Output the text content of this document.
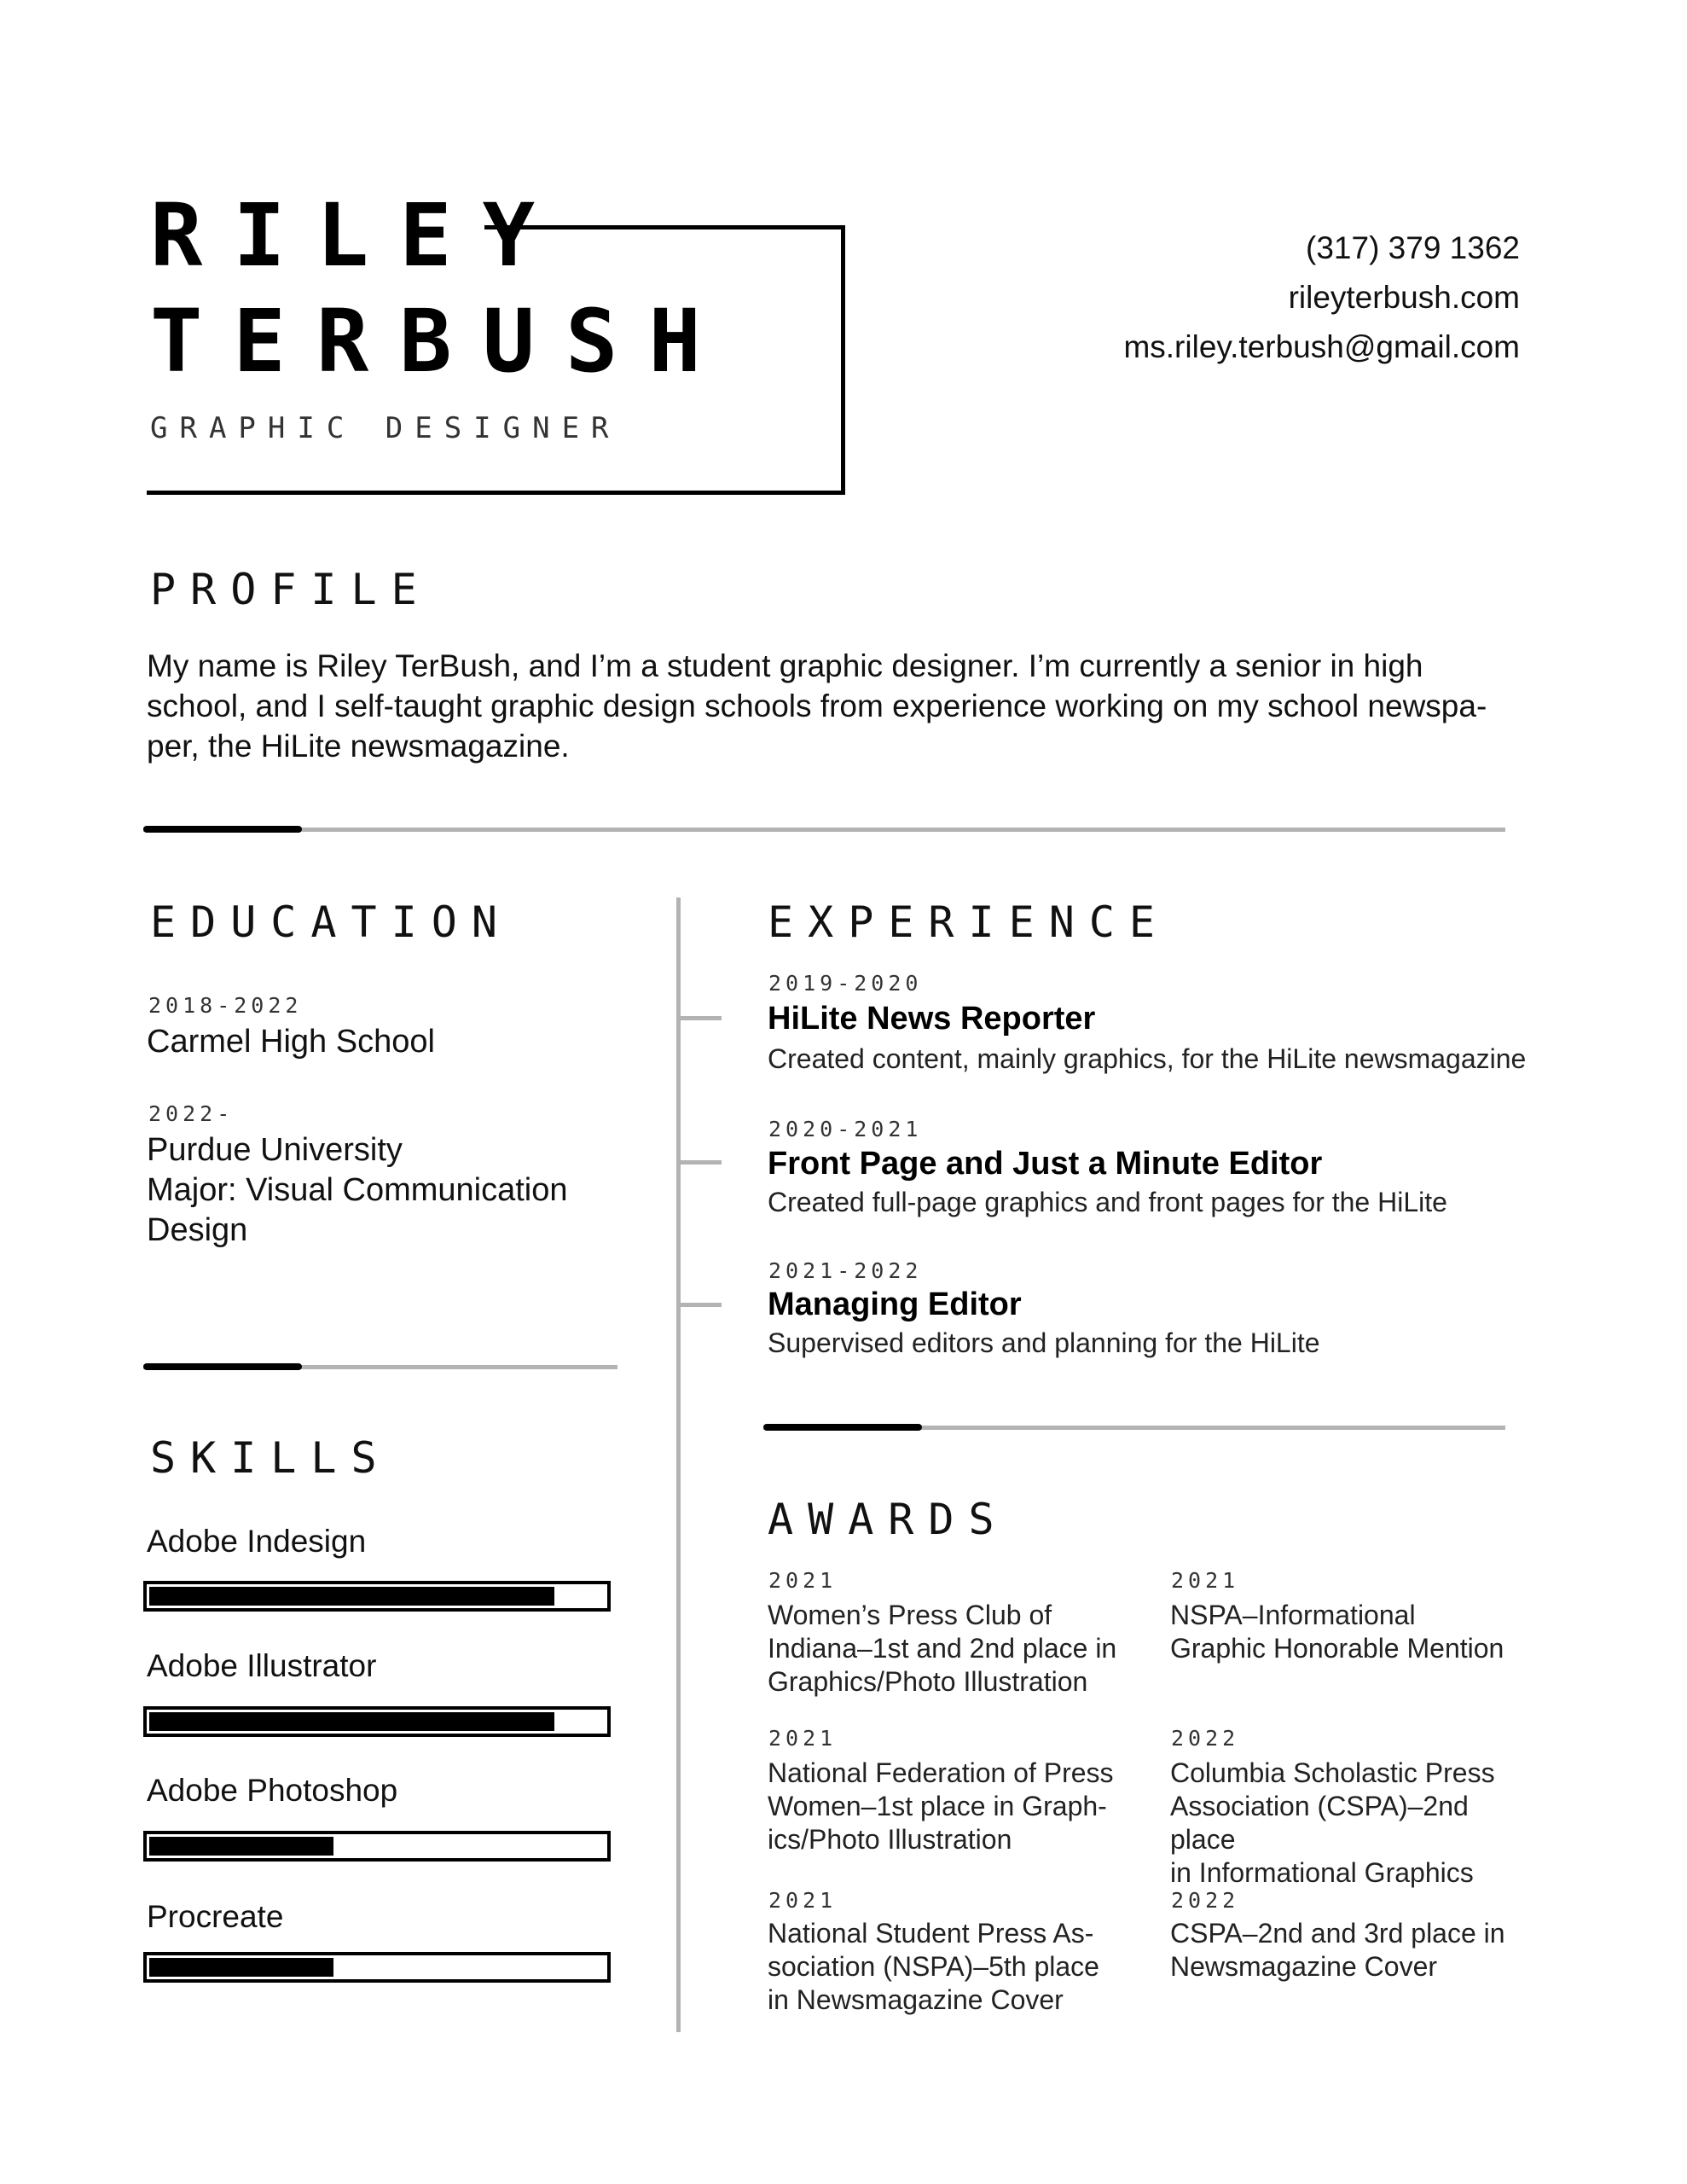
RILEY
TERBUSH
GRAPHIC DESIGNER
(317) 379 1362
rileyterbush.com
ms.riley.terbush@gmail.com
PROFILE
My name is Riley TerBush, and I’m a student graphic designer. I’m currently a senior in high
school, and I self-taught graphic design schools from experience working on my school newspa-
per, the HiLite newsmagazine.
EDUCATION
2018-2022
Carmel High School
2022-
Purdue University
Major: Visual Communication
Design
SKILLS
Adobe Indesign
Adobe Illustrator
Adobe Photoshop
Procreate
EXPERIENCE
2019-2020
HiLite News Reporter
Created content, mainly graphics, for the HiLite newsmagazine
2020-2021
Front Page and Just a Minute Editor
Created full-page graphics and front pages for the HiLite
2021-2022
Managing Editor
Supervised editors and planning for the HiLite
AWARDS
2021
Women’s Press Club of
Indiana–1st and 2nd place in
Graphics/Photo Illustration
2021
NSPA–Informational
Graphic Honorable Mention
2021
National Federation of Press
Women–1st place in Graph-
ics/Photo Illustration
2022
Columbia Scholastic Press
Association (CSPA)–2nd place
in Informational Graphics
2021
National Student Press As-
sociation (NSPA)–5th place
in Newsmagazine Cover
2022
CSPA–2nd and 3rd place in
Newsmagazine Cover
